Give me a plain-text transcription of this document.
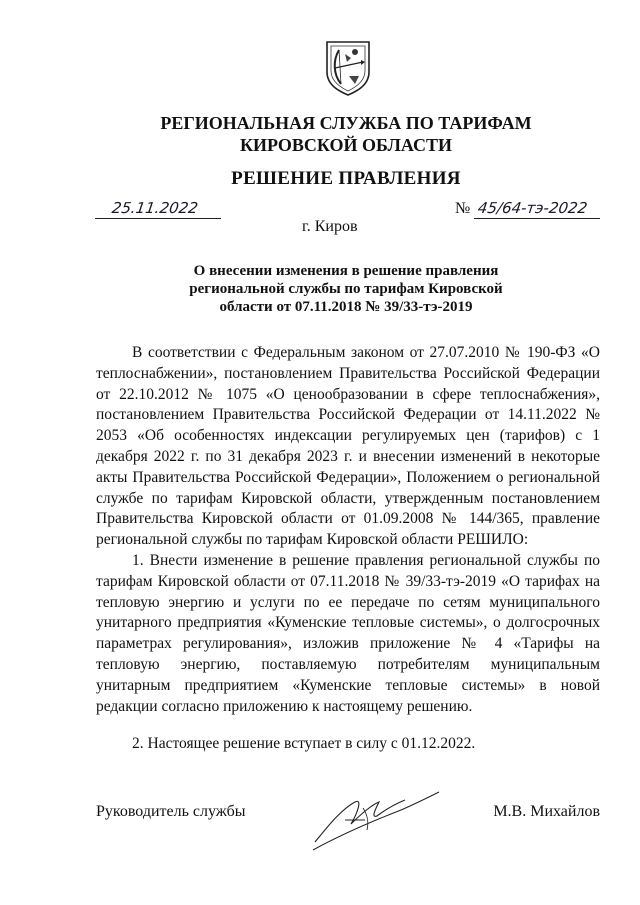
РЕГИОНАЛЬНАЯ СЛУЖБА ПО ТАРИФАМ
КИРОВСКОЙ ОБЛАСТИ
РЕШЕНИЕ ПРАВЛЕНИЯ
25.11.2022	№ 45/64-тэ-2022
г. Киров
О внесении изменения в решение правления
региональной службы по тарифам Кировской
области от 07.11.2018 № 39/33-тэ-2019

В соответствии с Федеральным законом от 27.07.2010 № 190-ФЗ «О теплоснабжении», постановлением Правительства Российской Федерации от 22.10.2012 № 1075 «О ценообразовании в сфере теплоснабжения», постановлением Правительства Российской Федерации от 14.11.2022 № 2053 «Об особенностях индексации регулируемых цен (тарифов) с 1 декабря 2022 г. по 31 декабря 2023 г. и внесении изменений в некоторые акты Правительства Российской Федерации», Положением о региональной службе по тарифам Кировской области, утвержденным постановлением Правительства Кировской области от 01.09.2008 № 144/365, правление региональной службы по тарифам Кировской области РЕШИЛО:

1. Внести изменение в решение правления региональной службы по тарифам Кировской области от 07.11.2018 № 39/33-тэ-2019 «О тарифах на тепловую энергию и услуги по ее передаче по сетям муниципального унитарного предприятия «Куменские тепловые системы», о долгосрочных параметрах регулирования», изложив приложение № 4 «Тарифы на тепловую энергию, поставляемую потребителям муниципальным унитарным предприятием «Куменские тепловые системы» в новой редакции согласно приложению к настоящему решению.
2. Настоящее решение вступает в силу с 01.12.2022.
Руководитель службы	М.В. Михайлов
